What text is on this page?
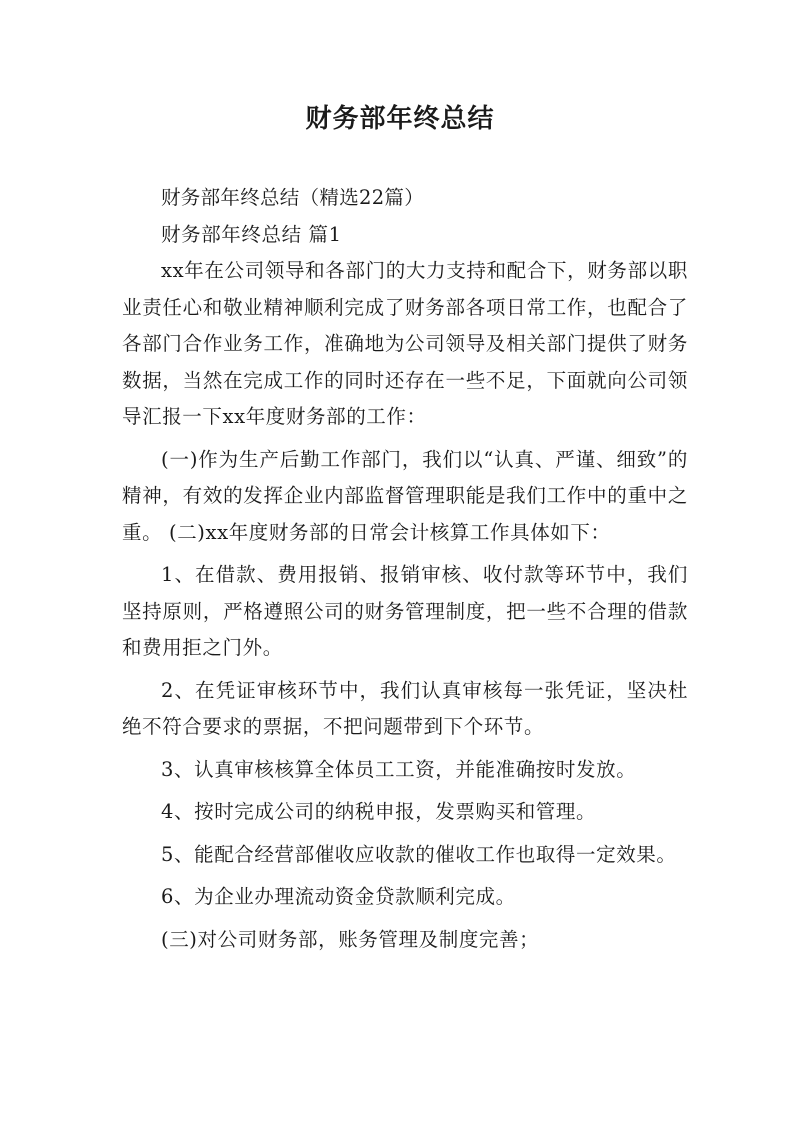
财务部年终总结

财务部年终总结（精选22篇）

财务部年终总结 篇1

xx年在公司领导和各部门的大力支持和配合下，财务部以职业责任心和敬业精神顺利完成了财务部各项日常工作，也配合了各部门合作业务工作，准确地为公司领导及相关部门提供了财务数据，当然在完成工作的同时还存在一些不足，下面就向公司领导汇报一下xx年度财务部的工作：

(一)作为生产后勤工作部门，我们以“认真、严谨、细致”的精神，有效的发挥企业内部监督管理职能是我们工作中的重中之重。 (二)xx年度财务部的日常会计核算工作具体如下：

1、在借款、费用报销、报销审核、收付款等环节中，我们坚持原则，严格遵照公司的财务管理制度，把一些不合理的借款和费用拒之门外。

2、在凭证审核环节中，我们认真审核每一张凭证，坚决杜绝不符合要求的票据，不把问题带到下个环节。

3、认真审核核算全体员工工资，并能准确按时发放。

4、按时完成公司的纳税申报，发票购买和管理。

5、能配合经营部催收应收款的催收工作也取得一定效果。

6、为企业办理流动资金贷款顺利完成。

(三)对公司财务部，账务管理及制度完善；
